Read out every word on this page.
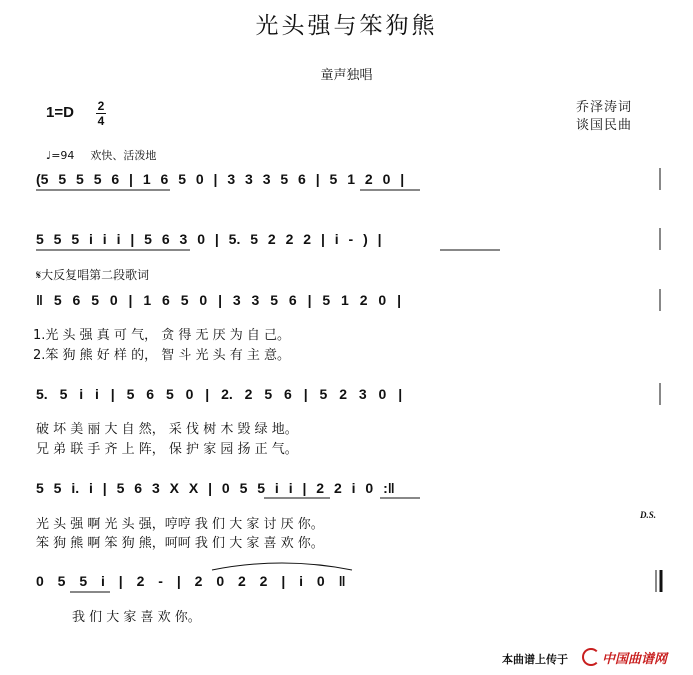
光头强与笨狗熊
童声独唱
乔泽涛词
谈国民曲
1=D 2
4
♩=94 欢快、活泼地
𝄋大反复唱第二段歌词
(5 5 5 5 6 | 1 6 5 0 | 3 3 3 5 6 | 5 1 2 0 |
5 5 5 i i i | 5 6 3 0 | 5. 5 2 2 2 | i - ) |
‖ 5 6 5 0 | 1 6 5 0 | 3 3 5 6 | 5 1 2 0 |
1.光 头 强 真 可 气， 贪 得 无 厌 为 自 己。
2.笨 狗 熊 好 样 的， 智 斗 光 头 有 主 意。
5. 5 i i | 5 6 5 0 | 2. 2 5 6 | 5 2 3 0 |
破 坏 美 丽 大 自 然， 采 伐 树 木 毁 绿 地。
兄 弟 联 手 齐 上 阵， 保 护 家 园 扬 正 气。
5 5 i. i | 5 6 3 X X | 0 5 5 i i | 2 2 i 0 :‖
光 头 强 啊 光 头 强，哼哼 我 们 大 家 讨 厌 你。
笨 狗 熊 啊 笨 狗 熊，呵呵 我 们 大 家 喜 欢 你。
D.S.
0 5 5 i | 2 - | 2 0 2 2 | i 0 ‖
我 们 大 家 喜 欢 你。
本曲谱上传于	中国曲谱网
